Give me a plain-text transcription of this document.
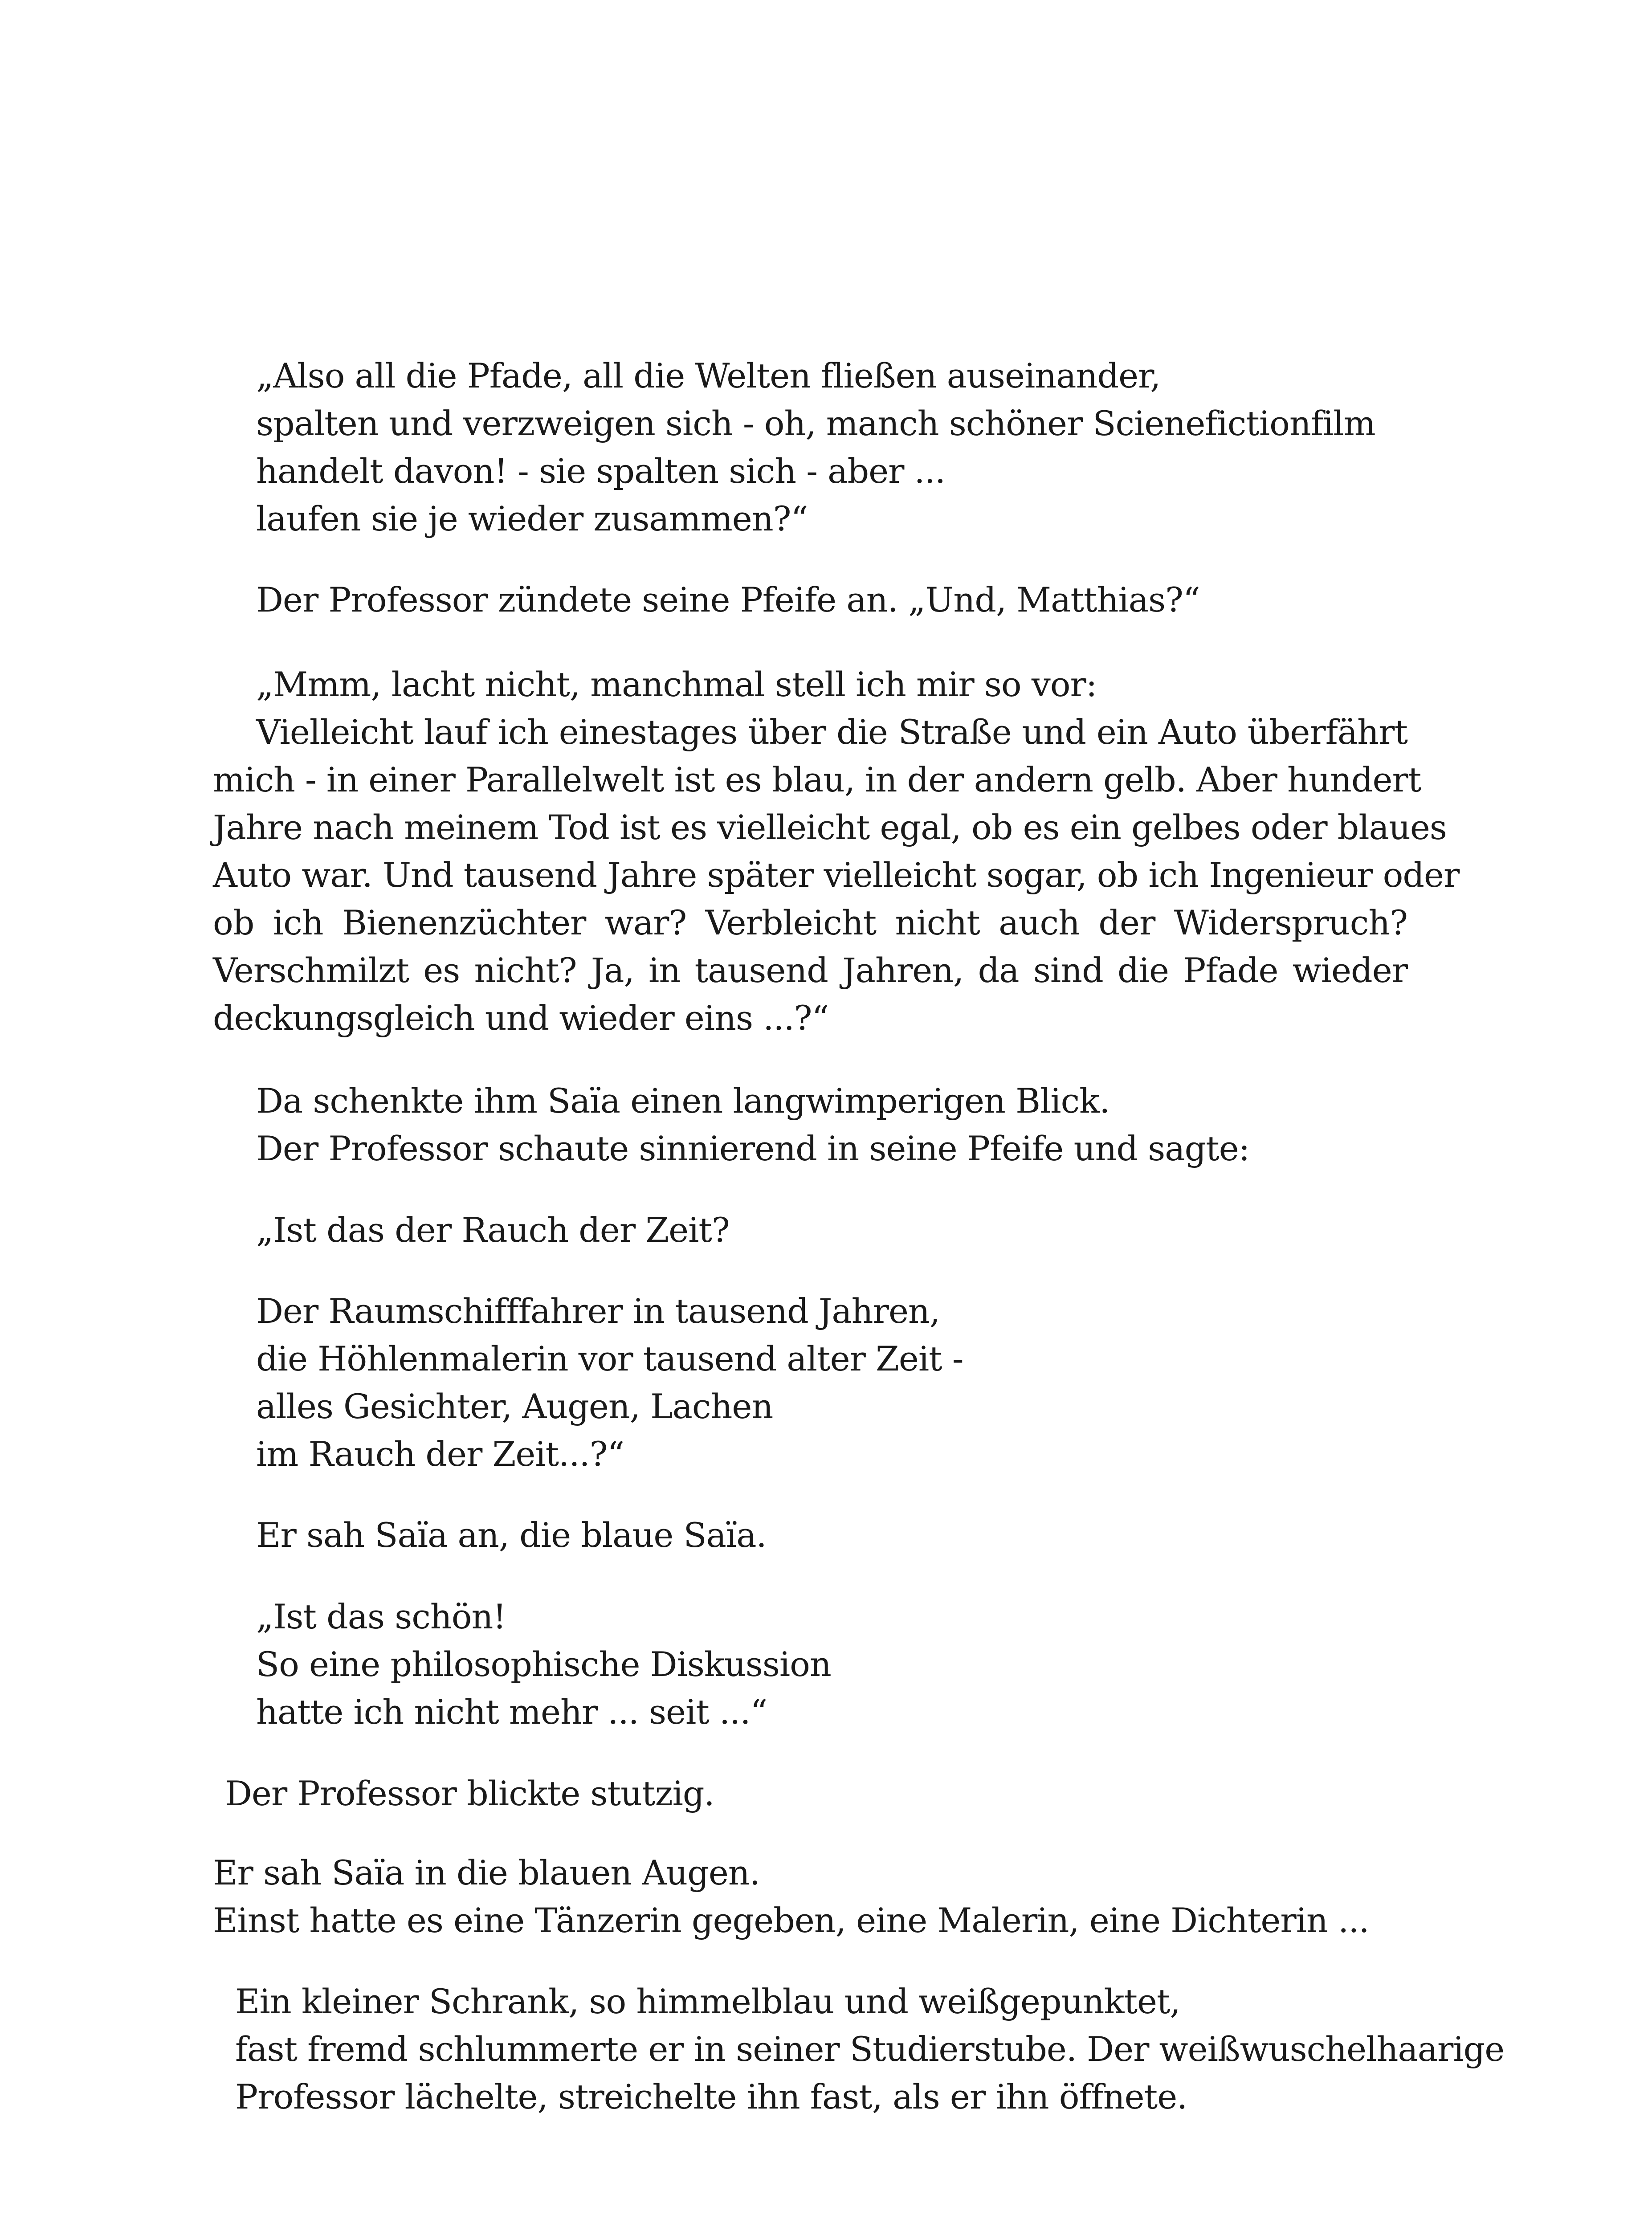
„Also all die Pfade, all die Welten fließen auseinander,

spalten und verzweigen sich - oh, manch schöner Scienefictionfilm

handelt davon! - sie spalten sich - aber ...

laufen sie je wieder zusammen?“

Der Professor zündete seine Pfeife an. „Und, Matthias?“

„Mmm, lacht nicht, manchmal stell ich mir so vor:

Vielleicht lauf ich einestages über die Straße und ein Auto überfährt

mich - in einer Parallelwelt ist es blau, in der andern gelb. Aber hundert

Jahre nach meinem Tod ist es vielleicht egal, ob es ein gelbes oder blaues

Auto war. Und tausend Jahre später vielleicht sogar, ob ich Ingenieur oder

ob ich Bienenzüchter war? Verbleicht nicht auch der Widerspruch?

Verschmilzt es nicht? Ja, in tausend Jahren, da sind die Pfade wieder

deckungsgleich und wieder eins ...?“

Da schenkte ihm Saïa einen langwimperigen Blick.

Der Professor schaute sinnierend in seine Pfeife und sagte:

„Ist das der Rauch der Zeit?

Der Raumschifffahrer in tausend Jahren,

die Höhlenmalerin vor tausend alter Zeit -

alles Gesichter, Augen, Lachen

im Rauch der Zeit...?“

Er sah Saïa an, die blaue Saïa.

„Ist das schön!

So eine philosophische Diskussion

hatte ich nicht mehr ... seit ...“

Der Professor blickte stutzig.

Er sah Saïa in die blauen Augen.

Einst hatte es eine Tänzerin gegeben, eine Malerin, eine Dichterin ...

Ein kleiner Schrank, so himmelblau und weißgepunktet,

fast fremd schlummerte er in seiner Studierstube. Der weißwuschelhaarige

Professor lächelte, streichelte ihn fast, als er ihn öffnete.
